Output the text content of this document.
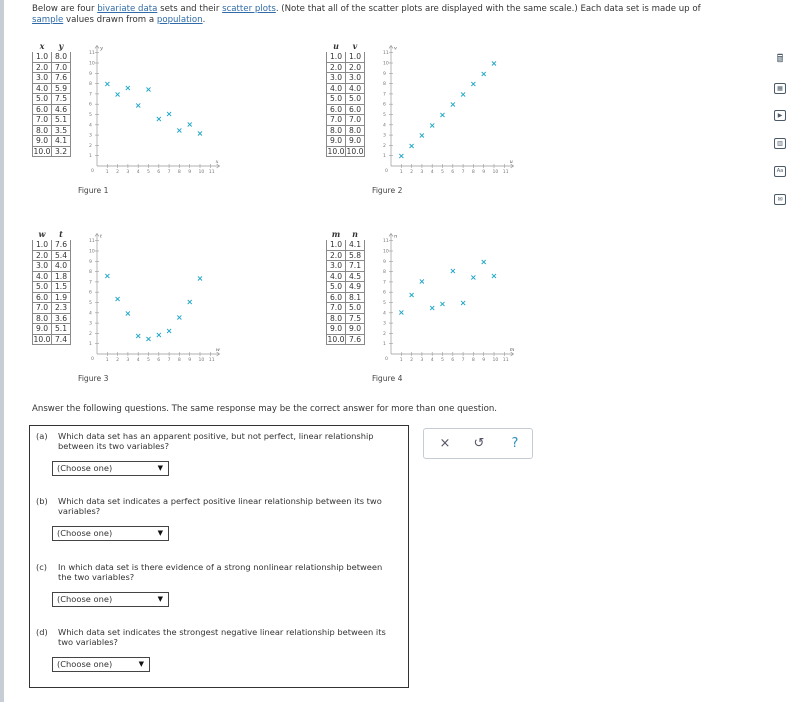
Below are four bivariate data sets and their scatter plots. (Note that all of the scatter plots are displayed with the same scale.) Each data set is made up of
sample values drawn from a population.
x	y
1.0	8.0
2.0	7.0
3.0	7.6
4.0	5.9
5.0	7.5
6.0	4.6
7.0	5.1
8.0	3.5
9.0	4.1
10.0	3.2
Figure 1
x
y
0	1
1
2
2
3
3
4
4
5
5
6
6
7
7
8
8
9
9
10
10
11
11
×
×
×
×
×
×
×
×
×
×
u	v
1.0	1.0
2.0	2.0
3.0	3.0
4.0	4.0
5.0	5.0
6.0	6.0
7.0	7.0
8.0	8.0
9.0	9.0
10.0	10.0
Figure 2
u
v
0	1
1
2
2
3
3
4
4
5
5
6
6
7
7
8
8
9
9
10
10
11
11
×
×
×
×
×
×
×
×
×
×
w	t
1.0	7.6
2.0	5.4
3.0	4.0
4.0	1.8
5.0	1.5
6.0	1.9
7.0	2.3
8.0	3.6
9.0	5.1
10.0	7.4
Figure 3
w
t
0	1
1
2
2
3
3
4
4
5
5
6
6
7
7
8
8
9
9
10
10
11
11
×
×
×
× × × ×
×
×
×
m	n
1.0	4.1
2.0	5.8
3.0	7.1
4.0	4.5
5.0	4.9
6.0	8.1
7.0	5.0
8.0	7.5
9.0	9.0
10.0	7.6
Figure 4
m
n
0	1
1
2
2
3
3
4
4
5
5
6
6
7
7
8
8
9
9
10
10
11
11
×
×
×
× ×
×
×
×
×
×
Answer the following questions. The same response may be the correct answer for more than one question.
(a) Which data set has an apparent positive, but not perfect, linear relationship between its two variables?
(Choose one)	▼
(b) Which data set indicates a perfect positive linear relationship between its two variables?
(Choose one)	▼
(c) In which data set is there evidence of a strong nonlinear relationship between the two variables?
(Choose one)	▼
(d) Which data set indicates the strongest negative linear relationship between its two variables?
(Choose one)	▼
× ↺	?
🖩
▦
▶
▥
Aa
✉
